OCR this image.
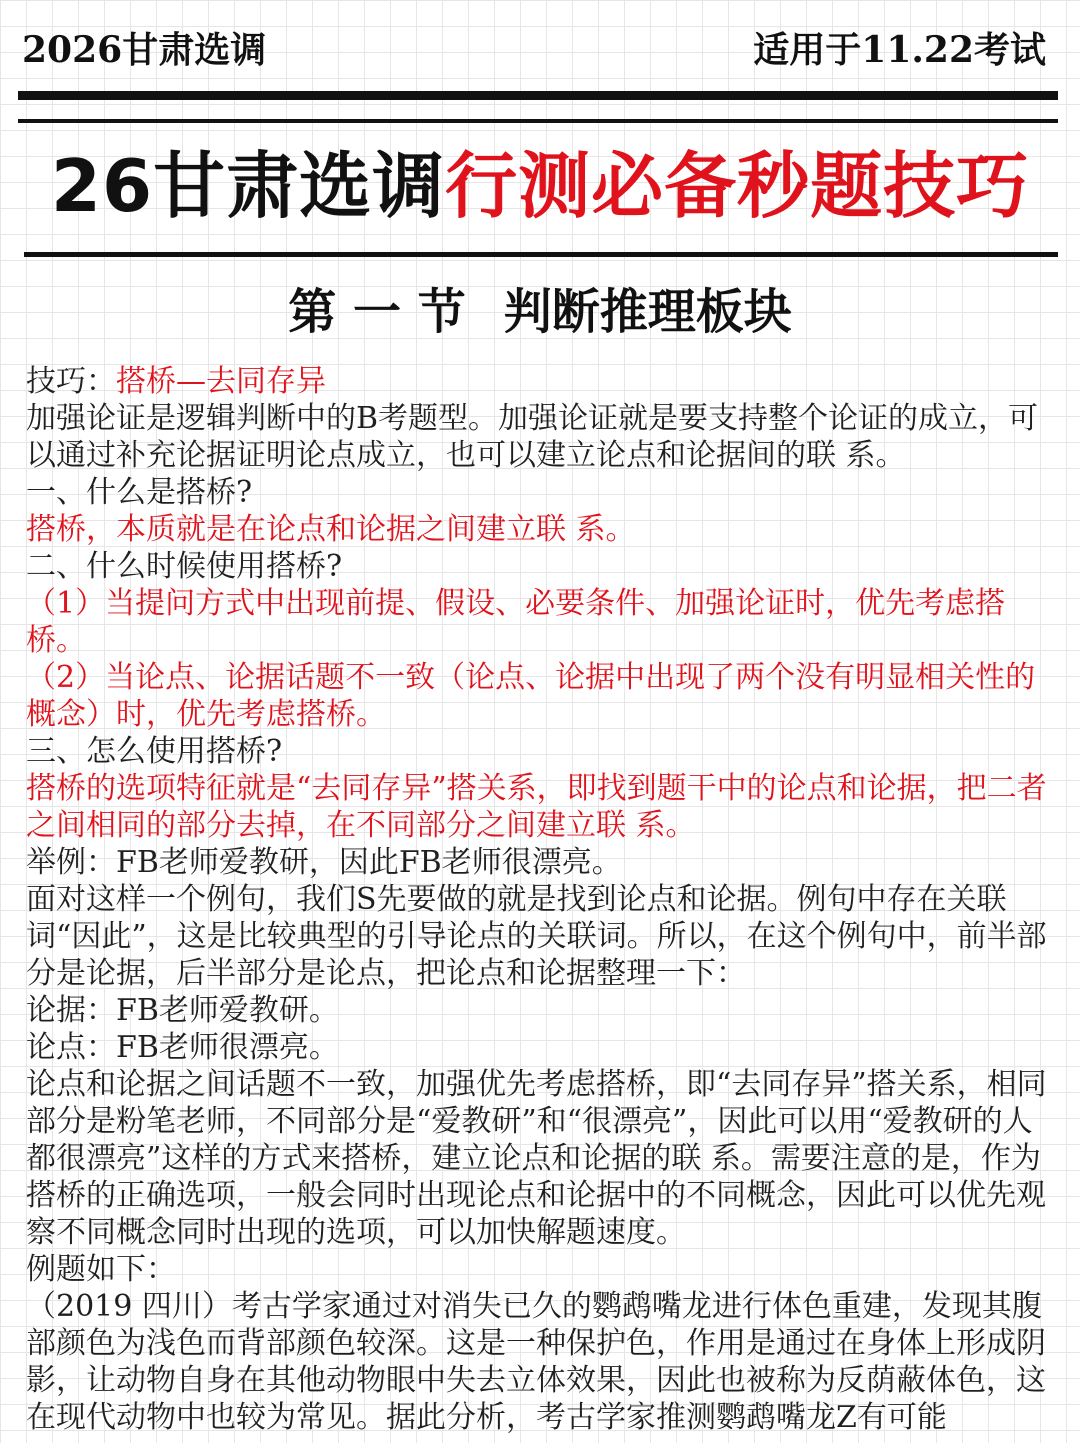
2026甘肃选调	适用于11.22考试
26甘肃选调行测必备秒题技巧
第 一 节 判断推理板块

技巧：搭桥—去同存异

加强论证是逻辑判断中的B考题型。加强论证就是要支持整个论证的成立，可以通过补充论据证明论点成立，也可以建立论点和论据间的联 系。

一、什么是搭桥?

搭桥，本质就是在论点和论据之间建立联 系。

二、什么时候使用搭桥?

（1）当提问方式中出现前提、假设、必要条件、加强论证时，优先考虑搭桥。

（2）当论点、论据话题不一致（论点、论据中出现了两个没有明显相关性的概念）时，优先考虑搭桥。

三、怎么使用搭桥?

搭桥的选项特征就是“去同存异”搭关系，即找到题干中的论点和论据，把二者之间相同的部分去掉，在不同部分之间建立联 系。

举例：FB老师爱教研，因此FB老师很漂亮。

面对这样一个例句，我们S先要做的就是找到论点和论据。例句中存在关联词“因此”，这是比较典型的引导论点的关联词。所以，在这个例句中，前半部分是论据，后半部分是论点，把论点和论据整理一下：

论据：FB老师爱教研。

论点：FB老师很漂亮。

论点和论据之间话题不一致，加强优先考虑搭桥，即“去同存异”搭关系，相同部分是粉笔老师，不同部分是“爱教研”和“很漂亮”，因此可以用“爱教研的人都很漂亮”这样的方式来搭桥，建立论点和论据的联 系。需要注意的是，作为搭桥的正确选项，一般会同时出现论点和论据中的不同概念，因此可以优先观察不同概念同时出现的选项，可以加快解题速度。

例题如下：

（2019 四川）考古学家通过对消失已久的鹦鹉嘴龙进行体色重建，发现其腹部颜色为浅色而背部颜色较深。这是一种保护色，作用是通过在身体上形成阴影，让动物自身在其他动物眼中失去立体效果，因此也被称为反荫蔽体色，这在现代动物中也较为常见。据此分析，考古学家推测鹦鹉嘴龙Z有可能
